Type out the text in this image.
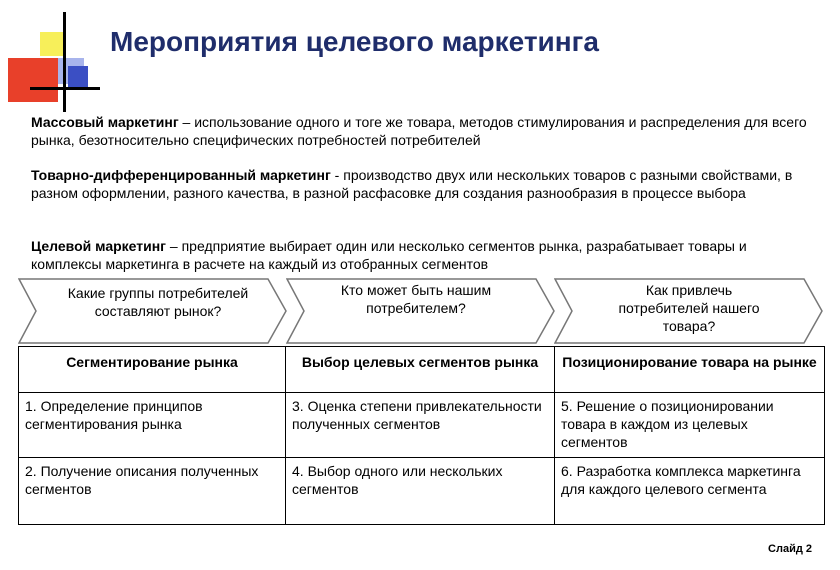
Мероприятия целевого маркетинга

Массовый маркетинг – использование одного и тоге же товара, методов стимулирования и распределения для всего рынка, безотносительно специфических потребностей потребителей

Товарно-дифференцированный маркетинг - производство двух или нескольких товаров с разными свойствами, в разном оформлении, разного качества, в разной расфасовке для создания разнообразия в процессе выбора

Целевой маркетинг – предприятие выбирает один или несколько сегментов рынка, разрабатывает товары и комплексы маркетинга в расчете на каждый из отобранных сегментов

Какие группы потребителей составляют рынок?
Кто может быть нашим потребителем?
Как привлечь потребителей нашего товара?
Сегментирование рынка	Выбор целевых сегментов рынка	Позиционирование товара на рынке
1. Определение принципов сегментирования рынка	3. Оценка степени привлекательности полученных сегментов	5. Решение о позиционировании товара в каждом из целевых сегментов
2. Получение описания полученных сегментов	4. Выбор одного или нескольких сегментов	6. Разработка комплекса маркетинга для каждого целевого сегмента
Слайд 2
